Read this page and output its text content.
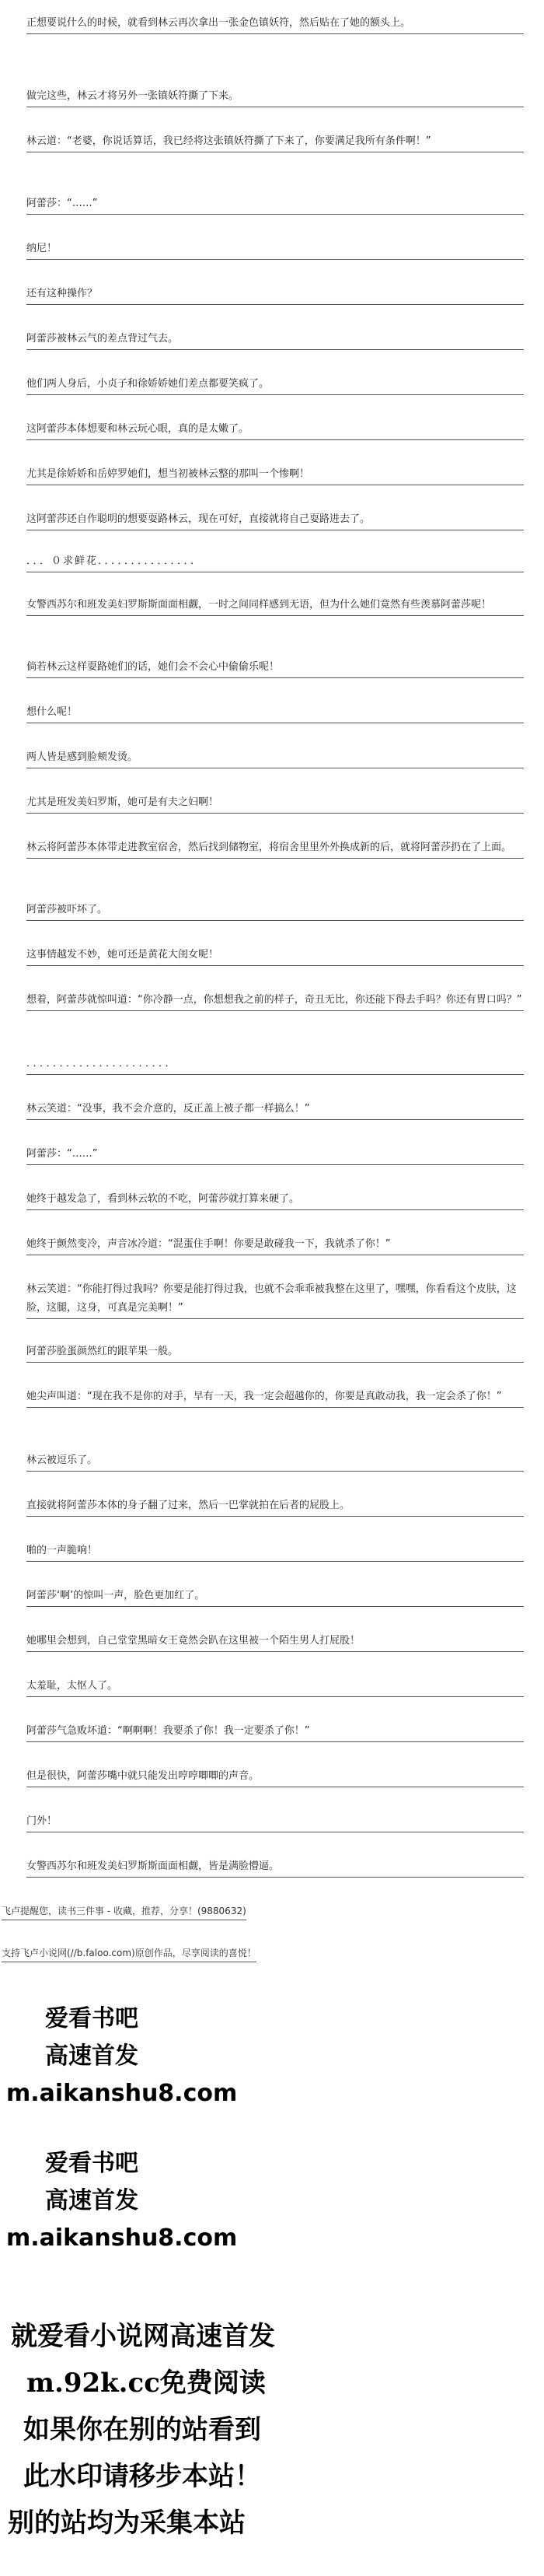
正想要说什么的时候，就看到林云再次拿出一张金色镇妖符，然后贴在了她的额头上。

做完这些，林云才将另外一张镇妖符撕了下来。

林云道：“老婆，你说话算话，我已经将这张镇妖符撕了下来了，你要满足我所有条件啊！”

阿蕾莎：“……”

纳尼！

还有这种操作？

阿蕾莎被林云气的差点背过气去。

他们两人身后，小贞子和徐娇娇她们差点都要笑疯了。

这阿蕾莎本体想要和林云玩心眼，真的是太嫩了。

尤其是徐娇娇和岳婷罗她们，想当初被林云整的那叫一个惨啊！

这阿蕾莎还自作聪明的想要耍路林云，现在可好，直接就将自己耍路进去了。

．．．０求鲜花．．．．．．．．．．．．．．．

女警西苏尔和班发美妇罗斯斯面面相觑，一时之间同样感到无语，但为什么她们竟然有些羡慕阿蕾莎呢！

倘若林云这样耍路她们的话，她们会不会心中偷偷乐呢！

想什么呢！

两人皆是感到脸颊发烫。

尤其是班发美妇罗斯，她可是有夫之妇啊！

林云将阿蕾莎本体带走进教室宿舍，然后找到储物室，将宿舍里里外外换成新的后，就将阿蕾莎扔在了上面。

阿蕾莎被吓坏了。

这事情越发不妙，她可还是黄花大闺女呢！

想着，阿蕾莎就惊叫道：“你冷静一点，你想想我之前的样子，奇丑无比，你还能下得去手吗？你还有胃口吗？”

．．．．．．．．．．．．．．．．．．．．．．

林云笑道：“没事，我不会介意的，反正盖上被子都一样搞么！”

阿蕾莎：“……”

她终于越发急了，看到林云软的不吃，阿蕾莎就打算来硬了。

她终于颤然变冷，声音冰冷道：“混蛋住手啊！你要是敢碰我一下，我就杀了你！”

林云笑道：“你能打得过我吗？你要是能打得过我，也就不会乖乖被我整在这里了，嘿嘿，你看看这个皮肤，这脸，这腿，这身，可真是完美啊！”

阿蕾莎脸蛋颜然红的跟苹果一般。

她尖声叫道：“现在我不是你的对手，早有一天，我一定会超越你的，你要是真敢动我，我一定会杀了你！”

林云被逗乐了。

直接就将阿蕾莎本体的身子翻了过来，然后一巴掌就拍在后者的屁股上。

啪的一声脆响！

阿蕾莎‘啊’的惊叫一声，脸色更加红了。

她哪里会想到，自己堂堂黑暗女王竟然会趴在这里被一个陌生男人打屁股！

太羞耻，太怄人了。

阿蕾莎气急败坏道：“啊啊啊！我要杀了你！我一定要杀了你！”

但是很快，阿蕾莎嘴中就只能发出哼哼唧唧的声音。

门外！

女警西苏尔和班发美妇罗斯斯面面相觑，皆是满脸懵逼。

飞卢提醒您，读书三件事 - 收藏，推荐，分享！(9880632)
支持飞卢小说网(//b.faloo.com)原创作品，尽享阅读的喜悦！
爱看书吧
高速首发
m.aikanshu8.com
爱看书吧
高速首发
m.aikanshu8.com
就爱看小说网高速首发
m.92k.cc免费阅读
如果你在别的站看到
此水印请移步本站！
别的站均为采集本站
